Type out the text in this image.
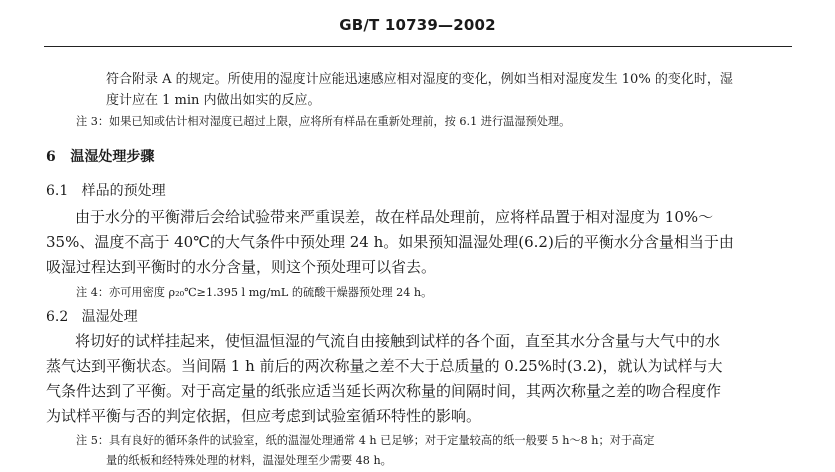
GB/T 10739—2002
符合附录 A 的规定。所使用的湿度计应能迅速感应相对湿度的变化，例如当相对湿度发生 10% 的变化时，湿
度计应在 1 min 内做出如实的反应。
注 3：如果已知或估计相对湿度已超过上限，应将所有样品在重新处理前，按 6.1 进行温湿预处理。
6 温湿处理步骤
6.1 样品的预处理
由于水分的平衡滞后会给试验带来严重误差，故在样品处理前，应将样品置于相对湿度为 10%～
35%、温度不高于 40℃的大气条件中预处理 24 h。如果预知温湿处理(6.2)后的平衡水分含量相当于由
吸湿过程达到平衡时的水分含量，则这个预处理可以省去。
注 4：亦可用密度 ρ₂₀℃≥1.395 l mg/mL 的硫酸干燥器预处理 24 h。
6.2 温湿处理
将切好的试样挂起来，使恒温恒湿的气流自由接触到试样的各个面，直至其水分含量与大气中的水
蒸气达到平衡状态。当间隔 1 h 前后的两次称量之差不大于总质量的 0.25%时(3.2)，就认为试样与大
气条件达到了平衡。对于高定量的纸张应适当延长两次称量的间隔时间，其两次称量之差的吻合程度作
为试样平衡与否的判定依据，但应考虑到试验室循环特性的影响。
注 5：具有良好的循环条件的试验室，纸的温湿处理通常 4 h 已足够；对于定量较高的纸一般要 5 h～8 h；对于高定
量的纸板和经特殊处理的材料，温湿处理至少需要 48 h。
